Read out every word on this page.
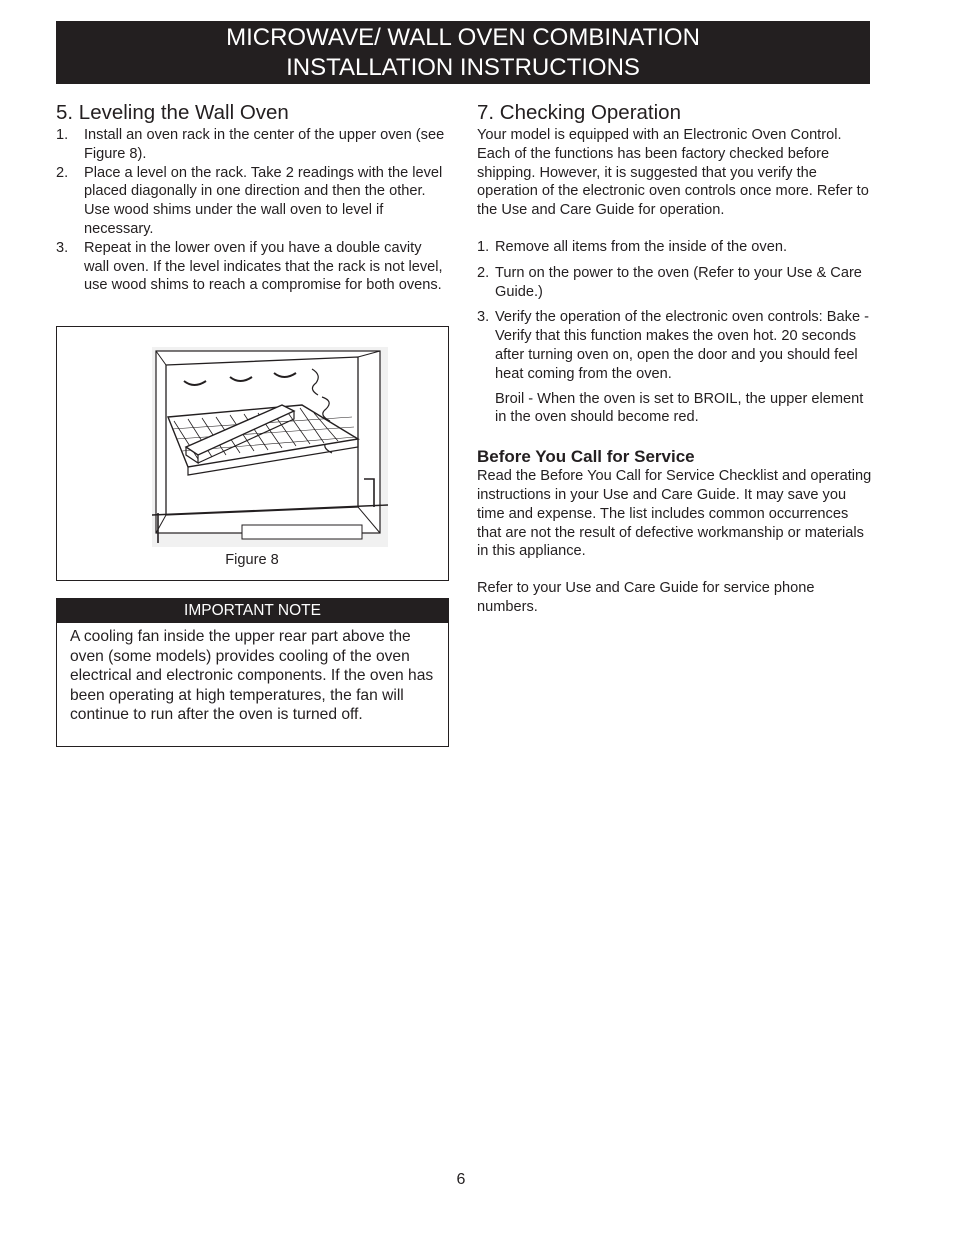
MICROWAVE/ WALL OVEN COMBINATION
INSTALLATION INSTRUCTIONS
5. Leveling the Wall Oven
1. Install an oven rack in the center of the upper oven (see Figure 8).
2. Place a level on the rack. Take 2 readings with the level placed diagonally in one direction and then the other. Use wood shims under the wall oven to level if necessary.
3. Repeat in the lower oven if you have a double cavity wall oven. If the level indicates that the rack is not level, use wood shims to reach a compromise for both ovens.
Figure 8
IMPORTANT NOTE
A cooling fan inside the upper rear part above the oven (some models) provides cooling of the oven electrical and electronic components. If the oven has been operating at high temperatures, the fan will continue to run after the oven is turned off.
7. Checking Operation

Your model is equipped with an Electronic Oven Control. Each of the functions has been factory checked before shipping. However, it is suggested that you verify the operation of the electronic oven controls once more. Refer to the Use and Care Guide for operation.

1. Remove all items from the inside of the oven.
2. Turn on the power to the oven (Refer to your Use & Care Guide.)
3. Verify the operation of the electronic oven controls: Bake - Verify that this function makes the oven hot. 20 seconds after turning oven on, open the door and you should feel heat coming from the oven.

Broil - When the oven is set to BROIL, the upper element in the oven should become red.

Before You Call for Service

Read the Before You Call for Service Checklist and operating instructions in your Use and Care Guide. It may save you time and expense. The list includes common occurrences that are not the result of defective workmanship or materials in this appliance.

Refer to your Use and Care Guide for service phone numbers.

6
